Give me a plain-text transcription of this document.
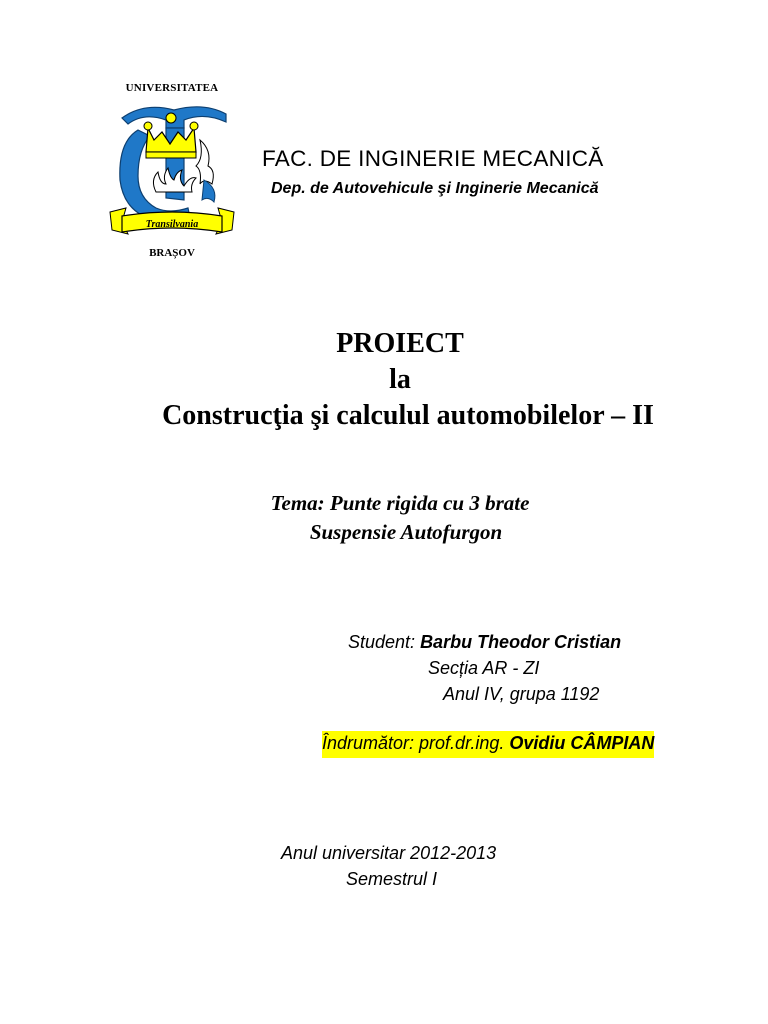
UNIVERSITATEA
Transilvania
BRAȘOV
FAC. DE INGINERIE MECANICĂ
Dep. de Autovehicule şi Inginerie Mecanică
PROIECT
la
Construcţia şi calculul automobilelor – II
Tema: Punte rigida cu 3 brate
Suspensie Autofurgon
Student: Barbu Theodor Cristian
Secția AR - ZI
Anul IV, grupa 1192
Îndrumător: prof.dr.ing. Ovidiu CÂMPIAN
Anul universitar 2012-2013
Semestrul I
